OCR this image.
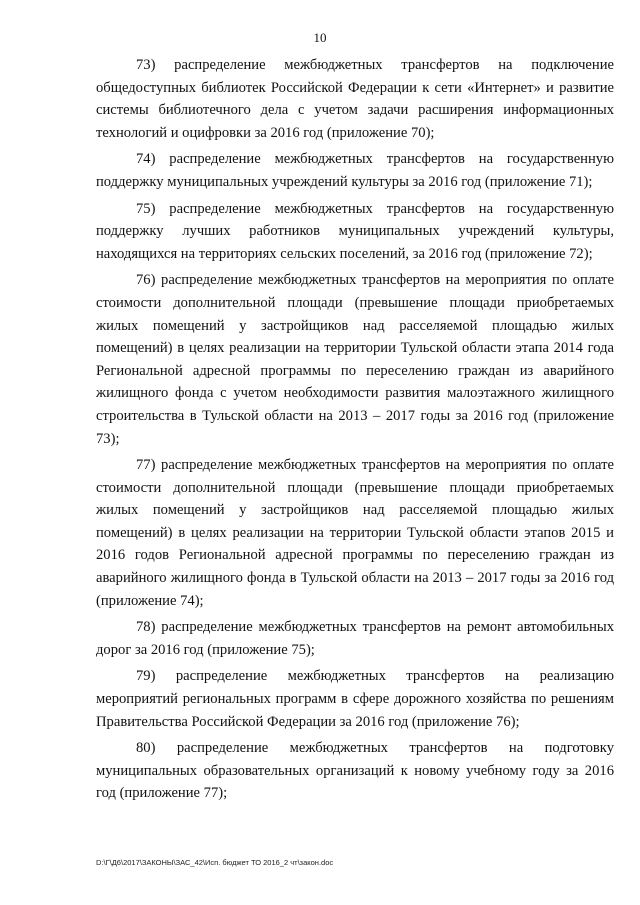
10

73) распределение межбюджетных трансфертов на подключение общедоступных библиотек Российской Федерации к сети «Интернет» и развитие системы библиотечного дела с учетом задачи расширения информационных технологий и оцифровки за 2016 год (приложение 70);

74) распределение межбюджетных трансфертов на государственную поддержку муниципальных учреждений культуры за 2016 год (приложение 71);

75) распределение межбюджетных трансфертов на государственную поддержку лучших работников муниципальных учреждений культуры, находящихся на территориях сельских поселений, за 2016 год (приложение 72);

76) распределение межбюджетных трансфертов на мероприятия по оплате стоимости дополнительной площади (превышение площади приобретаемых жилых помещений у застройщиков над расселяемой площадью жилых помещений) в целях реализации на территории Тульской области этапа 2014 года Региональной адресной программы по переселению граждан из аварийного жилищного фонда с учетом необходимости развития малоэтажного жилищного строительства в Тульской области на 2013 – 2017 годы за 2016 год (приложение 73);

77) распределение межбюджетных трансфертов на мероприятия по оплате стоимости дополнительной площади (превышение площади приобретаемых жилых помещений у застройщиков над расселяемой площадью жилых помещений) в целях реализации на территории Тульской области этапов 2015 и 2016 годов Региональной адресной программы по переселению граждан из аварийного жилищного фонда в Тульской области на 2013 – 2017 годы за 2016 год (приложение 74);

78) распределение межбюджетных трансфертов на ремонт автомобильных дорог за 2016 год (приложение 75);

79) распределение межбюджетных трансфертов на реализацию мероприятий региональных программ в сфере дорожного хозяйства по решениям Правительства Российской Федерации за 2016 год (приложение 76);

80) распределение межбюджетных трансфертов на подготовку муниципальных образовательных организаций к новому учебному году за 2016 год (приложение 77);

D:\Г\Д6\2017\ЗАКОНЫ\ЗАС_42\Исп. бюджет ТО 2016_2 чт\закон.doc
